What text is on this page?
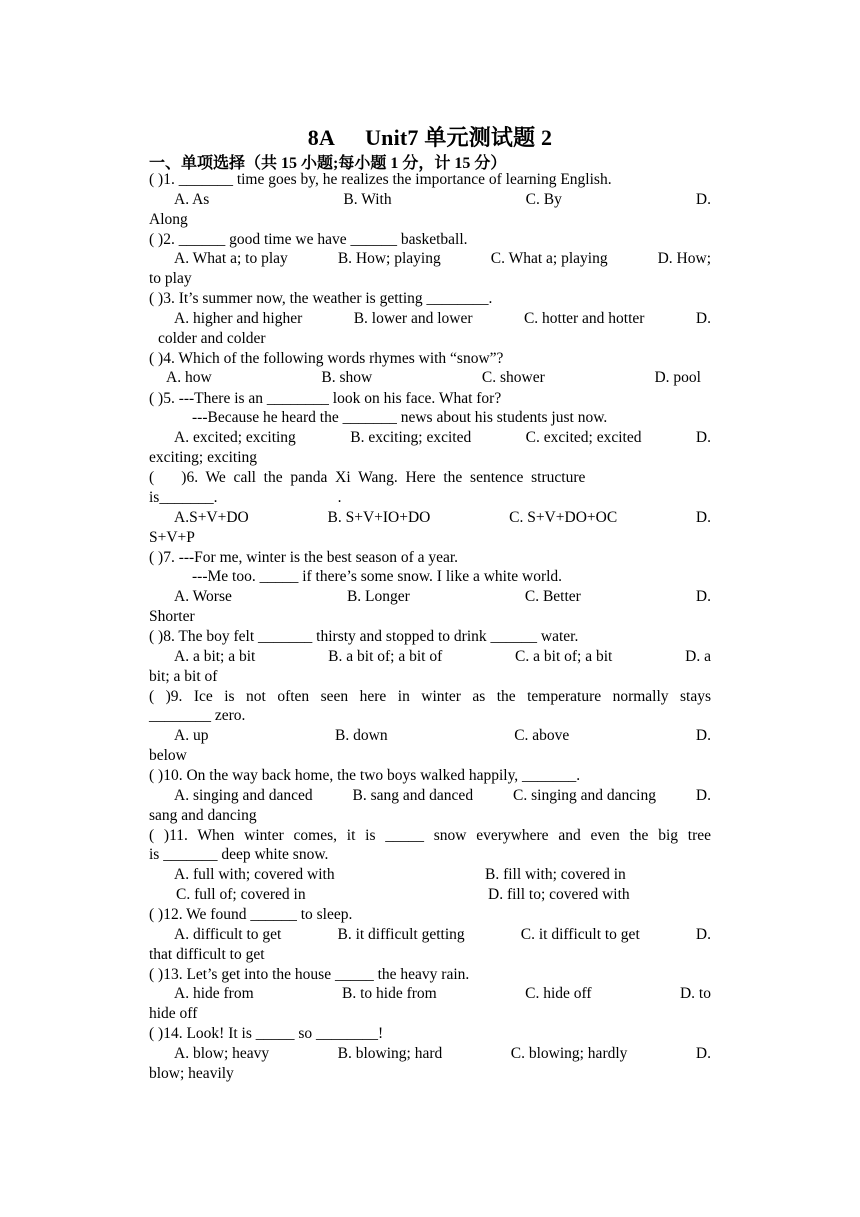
8A Unit7 单元测试题 2
一、单项选择（共 15 小题;每小题 1 分，计 15 分）
( )1. _______ time goes by, he realizes the importance of learning English.
A. As	B. With	C. By	D.
Along
( )2. ______ good time we have ______ basketball.
A. What a; to play	B. How; playing	C. What a; playing	D. How;
to play
( )3. It’s summer now, the weather is getting ________.
A. higher and higher	B. lower and lower	C. hotter and hotter	D.
colder and colder
( )4. Which of the following words rhymes with “snow”?
A. how	B. show	C. shower	D. pool
( )5. ---There is an ________ look on his face. What for?
---Because he heard the _______ news about his students just now.
A. excited; exciting	B. exciting; excited	C. excited; excited	D.
exciting; exciting
(       )6.  We  call  the  panda  Xi  Wang.  Here  the  sentence  structure
is_______.                               .
A.S+V+DO	B. S+V+IO+DO	C. S+V+DO+OC	D.
S+V+P
( )7. ---For me, winter is the best season of a year.
---Me too. _____ if there’s some snow. I like a white world.
A. Worse	B. Longer	C. Better	D.
Shorter
( )8. The boy felt _______ thirsty and stopped to drink ______ water.
A. a bit; a bit	B. a bit of; a bit of	C. a bit of; a bit	D. a
bit; a bit of
( )9. Ice is not often seen here in winter as the temperature normally stays
________ zero.
A. up	B. down	C. above	D.
below
( )10. On the way back home, the two boys walked happily, _______.
A. singing and danced	B. sang and danced	C. singing and dancing	D.
sang and dancing
( )11. When winter comes, it is _____ snow everywhere and even the big tree
is _______ deep white snow.
A. full with; covered with	B. fill with; covered in
C. full of; covered in	D. fill to; covered with
( )12. We found ______ to sleep.
A. difficult to get	B. it difficult getting	C. it difficult to get	D.
that difficult to get
( )13. Let’s get into the house _____ the heavy rain.
A. hide from	B. to hide from	C. hide off	D. to
hide off
( )14. Look! It is _____ so ________!
A. blow; heavy	B. blowing; hard	C. blowing; hardly	D.
blow; heavily
